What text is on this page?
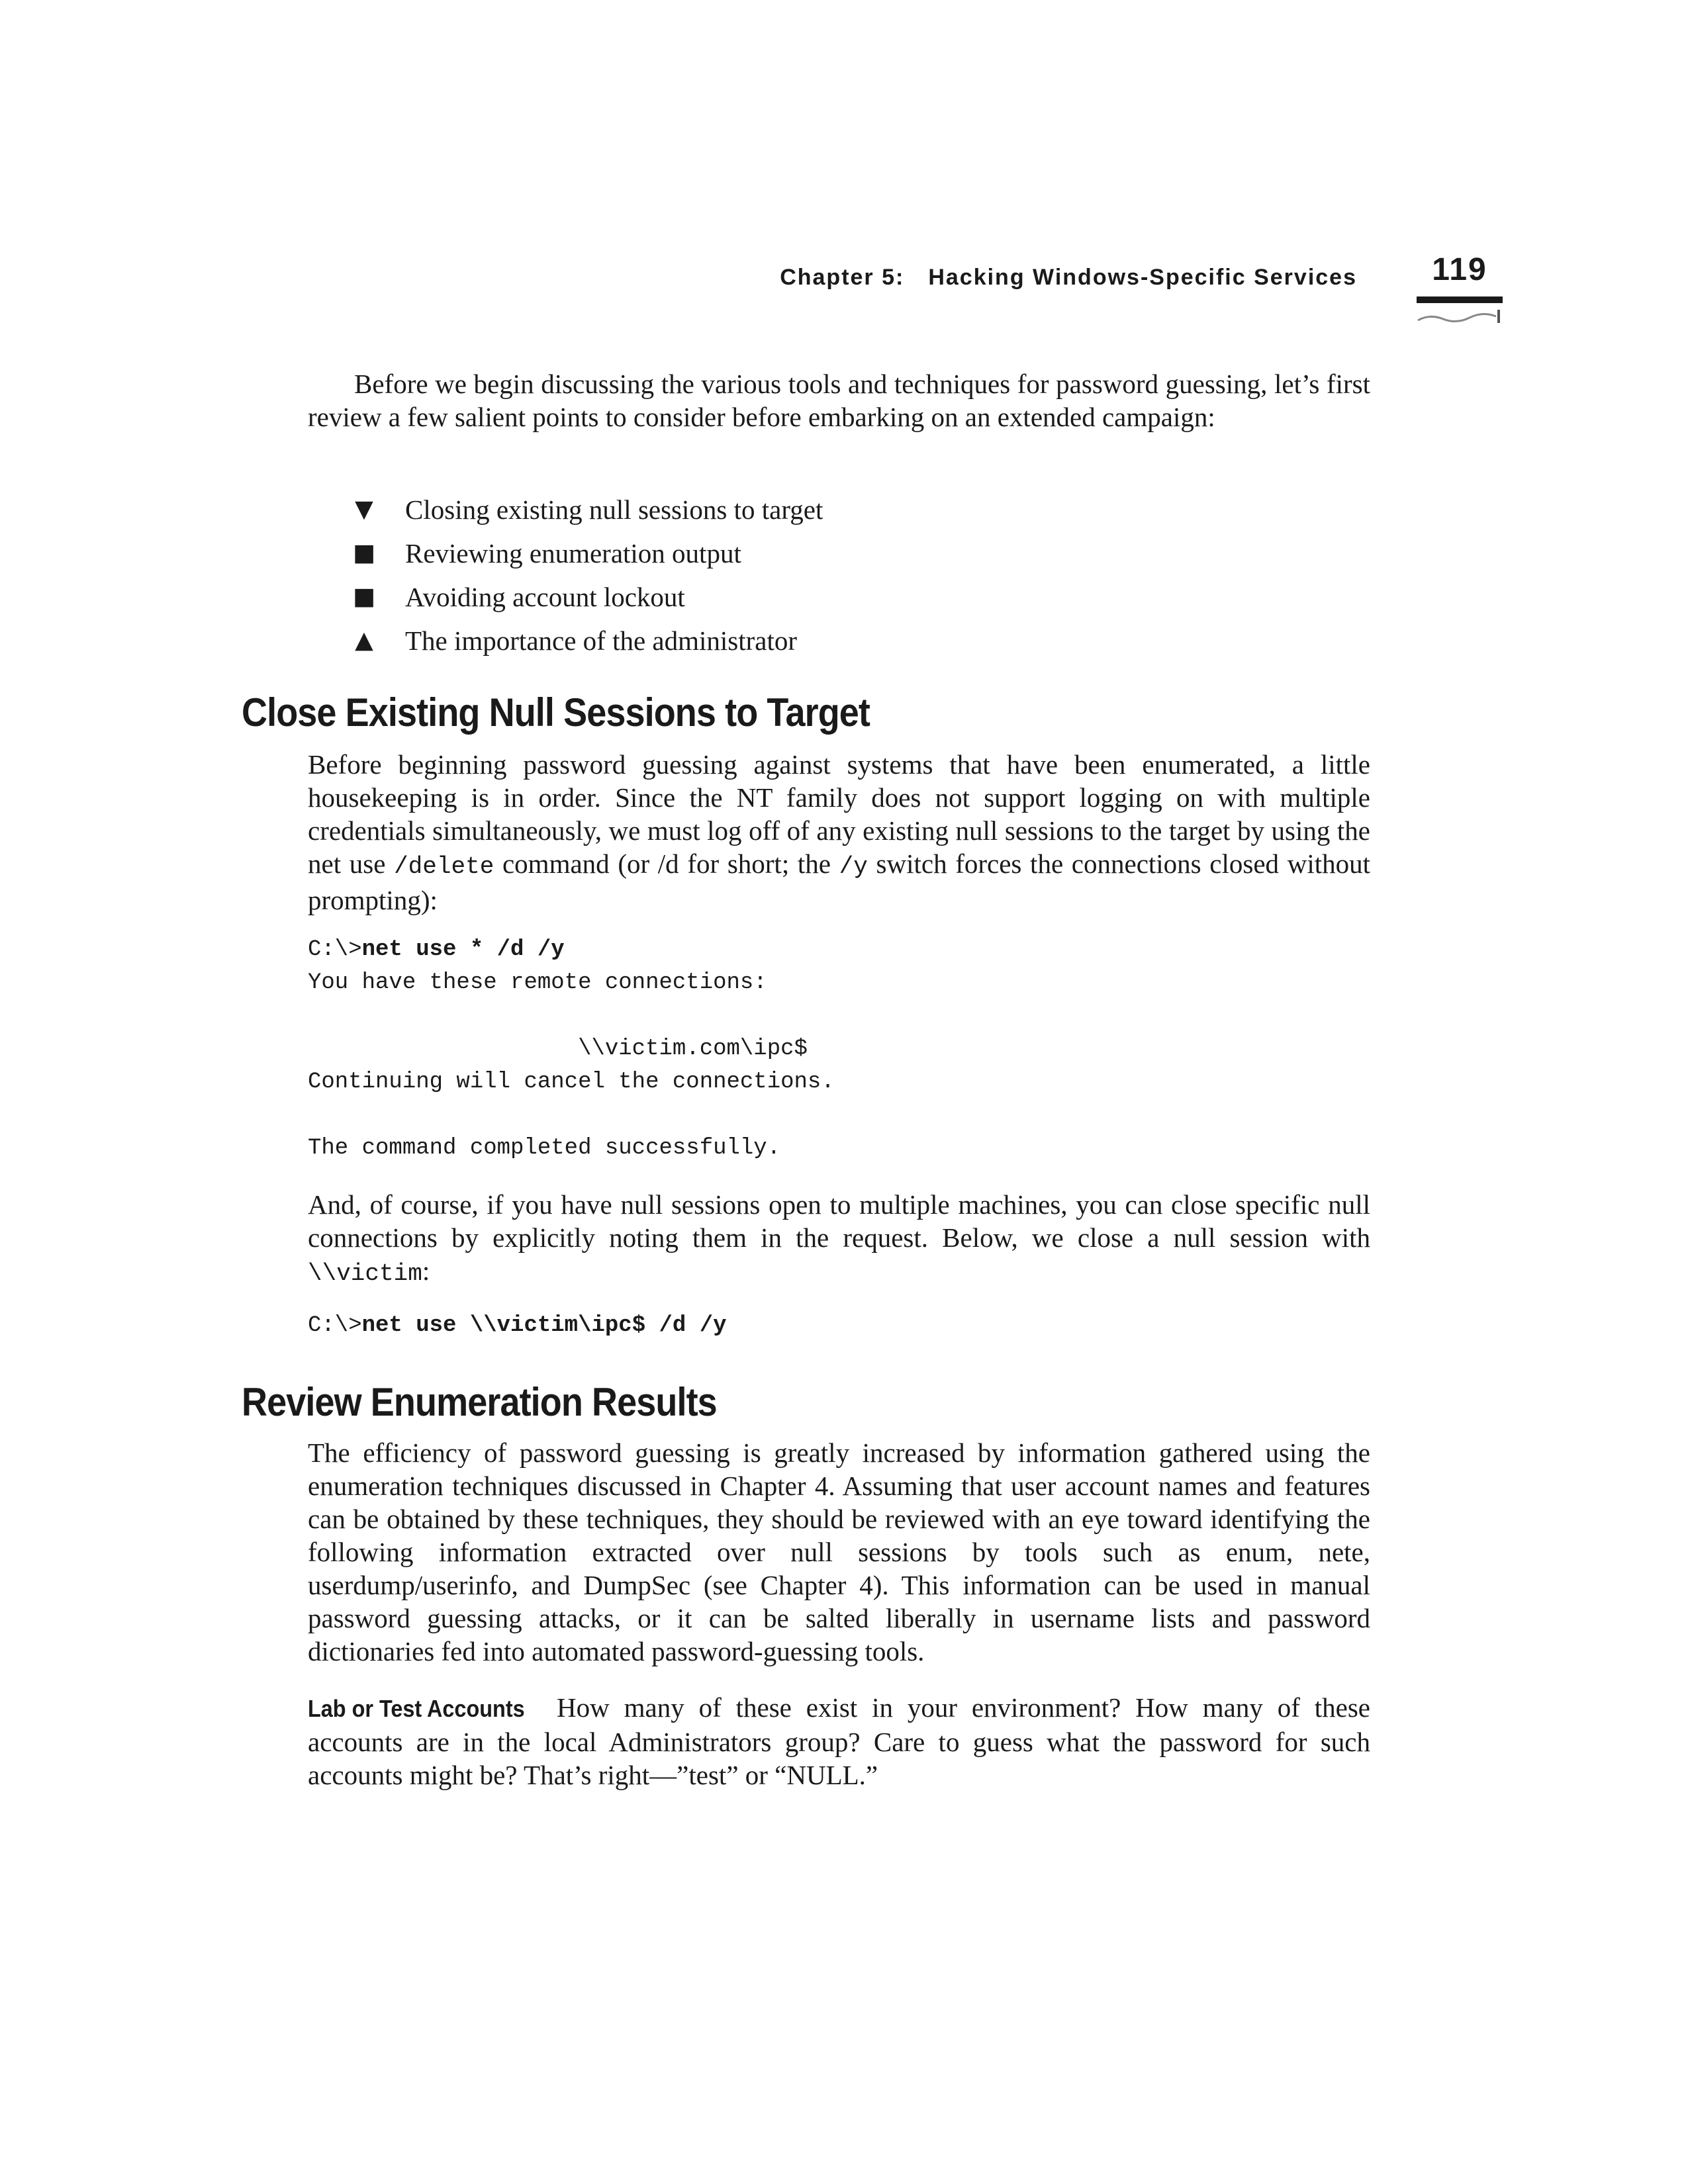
Chapter 5: Hacking Windows-Specific Services	119

Before we begin discussing the various tools and techniques for password guessing, let’s first review a few salient points to consider before embarking on an extended campaign:

▼ Closing existing null sessions to target
■ Reviewing enumeration output
■ Avoiding account lockout
▲ The importance of the administrator
Close Existing Null Sessions to Target

Before beginning password guessing against systems that have been enumerated, a little housekeeping is in order. Since the NT family does not support logging on with multiple credentials simultaneously, we must log off of any existing null sessions to the target by using the net use /delete command (or /d for short; the /y switch forces the connections closed without prompting):

C:\>net use * /d /y
You have these remote connections:

\\victim.com\ipc$
Continuing will cancel the connections.

The command completed successfully.

And, of course, if you have null sessions open to multiple machines, you can close specific null connections by explicitly noting them in the request. Below, we close a null session with \\victim:

C:\>net use \\victim\ipc$ /d /y
Review Enumeration Results

The efficiency of password guessing is greatly increased by information gathered using the enumeration techniques discussed in Chapter 4. Assuming that user account names and features can be obtained by these techniques, they should be reviewed with an eye toward identifying the following information extracted over null sessions by tools such as enum, nete, userdump/userinfo, and DumpSec (see Chapter 4). This information can be used in manual password guessing attacks, or it can be salted liberally in username lists and password dictionaries fed into automated password-guessing tools.

Lab or Test Accounts How many of these exist in your environment? How many of these accounts are in the local Administrators group? Care to guess what the password for such accounts might be? That’s right—”test” or “NULL.”
